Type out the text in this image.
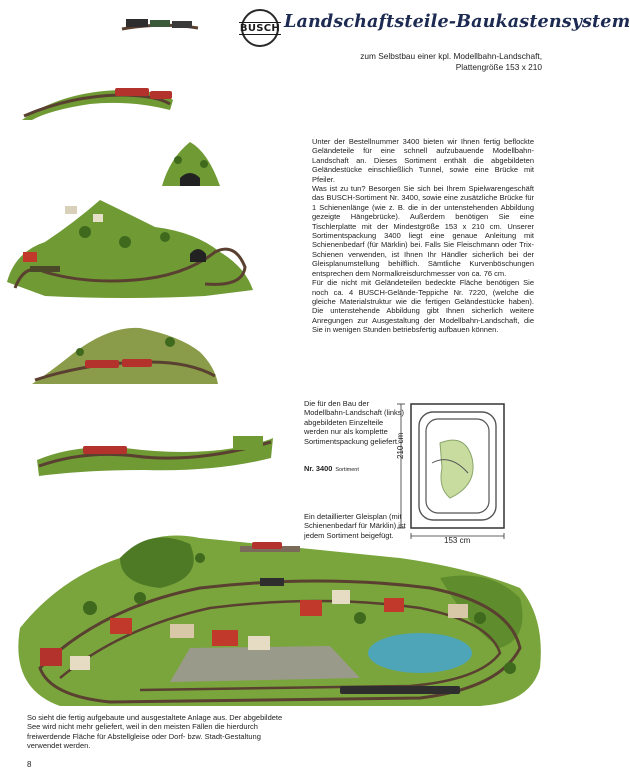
BUSCH Landschaftsteile-Baukastensystem
zum Selbstbau einer kpl. Modellbahn-Landschaft, Plattengröße 153 x 210

Unter der Bestellnummer 3400 bieten wir Ihnen fertig beflockte Geländeteile für eine schnell aufzubauende Modellbahn-Landschaft an. Dieses Sortiment enthält die abgebildeten Geländestücke einschließlich Tunnel, sowie eine Brücke mit Pfeiler.

Was ist zu tun? Besorgen Sie sich bei Ihrem Spielwarengeschäft das BUSCH-Sortiment Nr. 3400, sowie eine zusätzliche Brücke für 1 Schienenlänge (wie z. B. die in der untenstehenden Abbildung gezeigte Hängebrücke). Außerdem benötigen Sie eine Tischlerplatte mit der Mindestgröße 153 x 210 cm. Unserer Sortimentspackung 3400 liegt eine genaue Anleitung mit Schienenbedarf (für Märklin) bei. Falls Sie Fleischmann oder Trix-Schienen verwenden, ist Ihnen Ihr Händler sicherlich bei der Gleisplanumstellung behilflich. Sämtliche Kurvenböschungen entsprechen dem Normalkreisdurchmesser von ca. 76 cm.

Für die nicht mit Geländeteilen bedeckte Fläche benötigen Sie noch ca. 4 BUSCH-Gelände-Teppiche Nr. 7220, (welche die gleiche Materialstruktur wie die fertigen Geländestücke haben). Die untenstehende Abbildung gibt Ihnen sicherlich weitere Anregungen zur Ausgestaltung der Modellbahn-Landschaft, die Sie in wenigen Stunden betriebsfertig aufbauen können.

Die für den Bau der Modellbahn-Landschaft (links) abgebildeten Einzelteile werden nur als komplette Sortimentspackung geliefert.
Nr. 3400 Sortiment
210 cm
153 cm
Ein detaillierter Gleisplan (mit Schienenbedarf für Märklin) ist jedem Sortiment beigefügt.
So sieht die fertig aufgebaute und ausgestaltete Anlage aus. Der abgebildete See wird nicht mehr geliefert, weil in den meisten Fällen die hierdurch freiwerdende Fläche für Abstellgleise oder Dorf- bzw. Stadt-Gestaltung verwendet werden.
8
